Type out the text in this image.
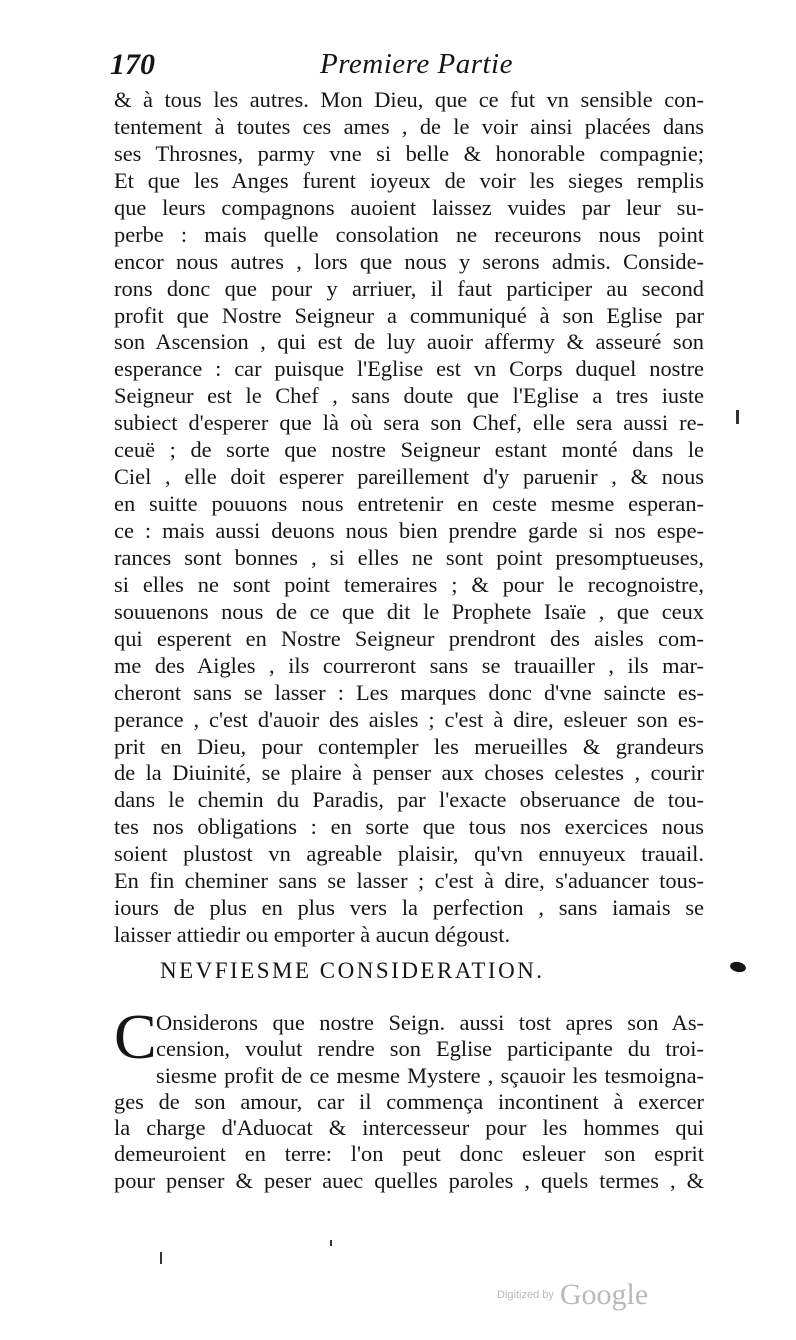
170	Premiere Partie
& à tous les autres. Mon Dieu, que ce fut vn sensible con-
tentement à toutes ces ames , de le voir ainsi placées dans
ses Throsnes, parmy vne si belle & honorable compagnie;
Et que les Anges furent ioyeux de voir les sieges remplis
que leurs compagnons auoient laissez vuides par leur su-
perbe : mais quelle consolation ne receurons nous point
encor nous autres , lors que nous y serons admis. Conside-
rons donc que pour y arriuer, il faut participer au second
profit que Nostre Seigneur a communiqué à son Eglise par
son Ascension , qui est de luy auoir affermy & asseuré son
esperance : car puisque l'Eglise est vn Corps duquel nostre
Seigneur est le Chef , sans doute que l'Eglise a tres iuste
subiect d'esperer que là où sera son Chef, elle sera aussi re-
ceuë ; de sorte que nostre Seigneur estant monté dans le
Ciel , elle doit esperer pareillement d'y paruenir , & nous
en suitte pouuons nous entretenir en ceste mesme esperan-
ce : mais aussi deuons nous bien prendre garde si nos espe-
rances sont bonnes , si elles ne sont point presomptueuses,
si elles ne sont point temeraires ; & pour le recognoistre,
souuenons nous de ce que dit le Prophete Isaïe , que ceux
qui esperent en Nostre Seigneur prendront des aisles com-
me des Aigles , ils courreront sans se trauailler , ils mar-
cheront sans se lasser : Les marques donc d'vne saincte es-
perance , c'est d'auoir des aisles ; c'est à dire, esleuer son es-
prit en Dieu, pour contempler les merueilles & grandeurs
de la Diuinité, se plaire à penser aux choses celestes , courir
dans le chemin du Paradis, par l'exacte obseruance de tou-
tes nos obligations : en sorte que tous nos exercices nous
soient plustost vn agreable plaisir, qu'vn ennuyeux trauail.
En fin cheminer sans se lasser ; c'est à dire, s'aduancer tous-
iours de plus en plus vers la perfection , sans iamais se
laisser attiedir ou emporter à aucun dégoust.
NEVFIESME CONSIDERATION.
C Onsiderons que nostre Seign. aussi tost apres son As-
cension, voulut rendre son Eglise participante du troi-
siesme profit de ce mesme Mystere , sçauoir les tesmoigna-
ges de son amour, car il commença incontinent à exercer
la charge d'Aduocat & intercesseur pour les hommes qui
demeuroient en terre: l'on peut donc esleuer son esprit
pour penser & peser auec quelles paroles , quels termes , &
Digitized by Google
